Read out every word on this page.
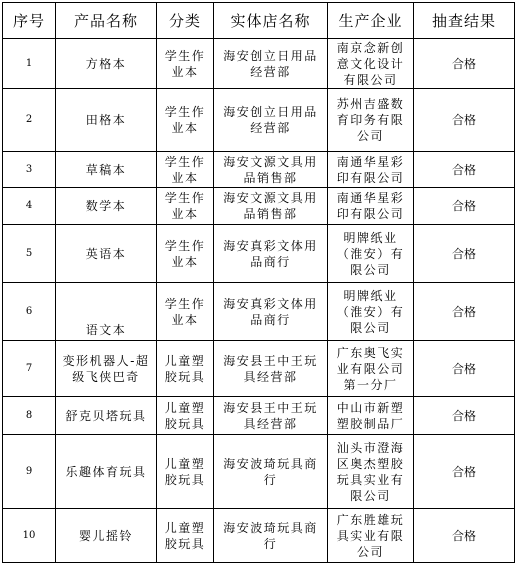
序号	产品名称	分类	实体店名称	生产企业	抽查结果
1	方格本	学生作业本	海安创立日用品经营部	南京念新创意文化设计有限公司	合格
2	田格本	学生作业本	海安创立日用品经营部	苏州吉盛数育印务有限公司	合格
3	草稿本	学生作业本	海安文源文具用品销售部	南通华星彩印有限公司	合格
4	数学本	学生作业本	海安文源文具用品销售部	南通华星彩印有限公司	合格
5	英语本	学生作业本	海安真彩文体用品商行	明牌纸业（淮安）有限公司	合格
6	语文本	学生作业本	海安真彩文体用品商行	明牌纸业（淮安）有限公司	合格
7	变形机器人-超级飞侠巴奇	儿童塑胶玩具	海安县王中王玩具经营部	广东奥飞实业有限公司第一分厂	合格
8	舒克贝塔玩具	儿童塑胶玩具	海安县王中王玩具经营部	中山市新塑塑胶制品厂	合格
9	乐趣体育玩具	儿童塑胶玩具	海安波琦玩具商行	汕头市澄海区奥杰塑胶玩具实业有限公司	合格
10	婴儿摇铃	儿童塑胶玩具	海安波琦玩具商行	广东胜雄玩具实业有限公司	合格
